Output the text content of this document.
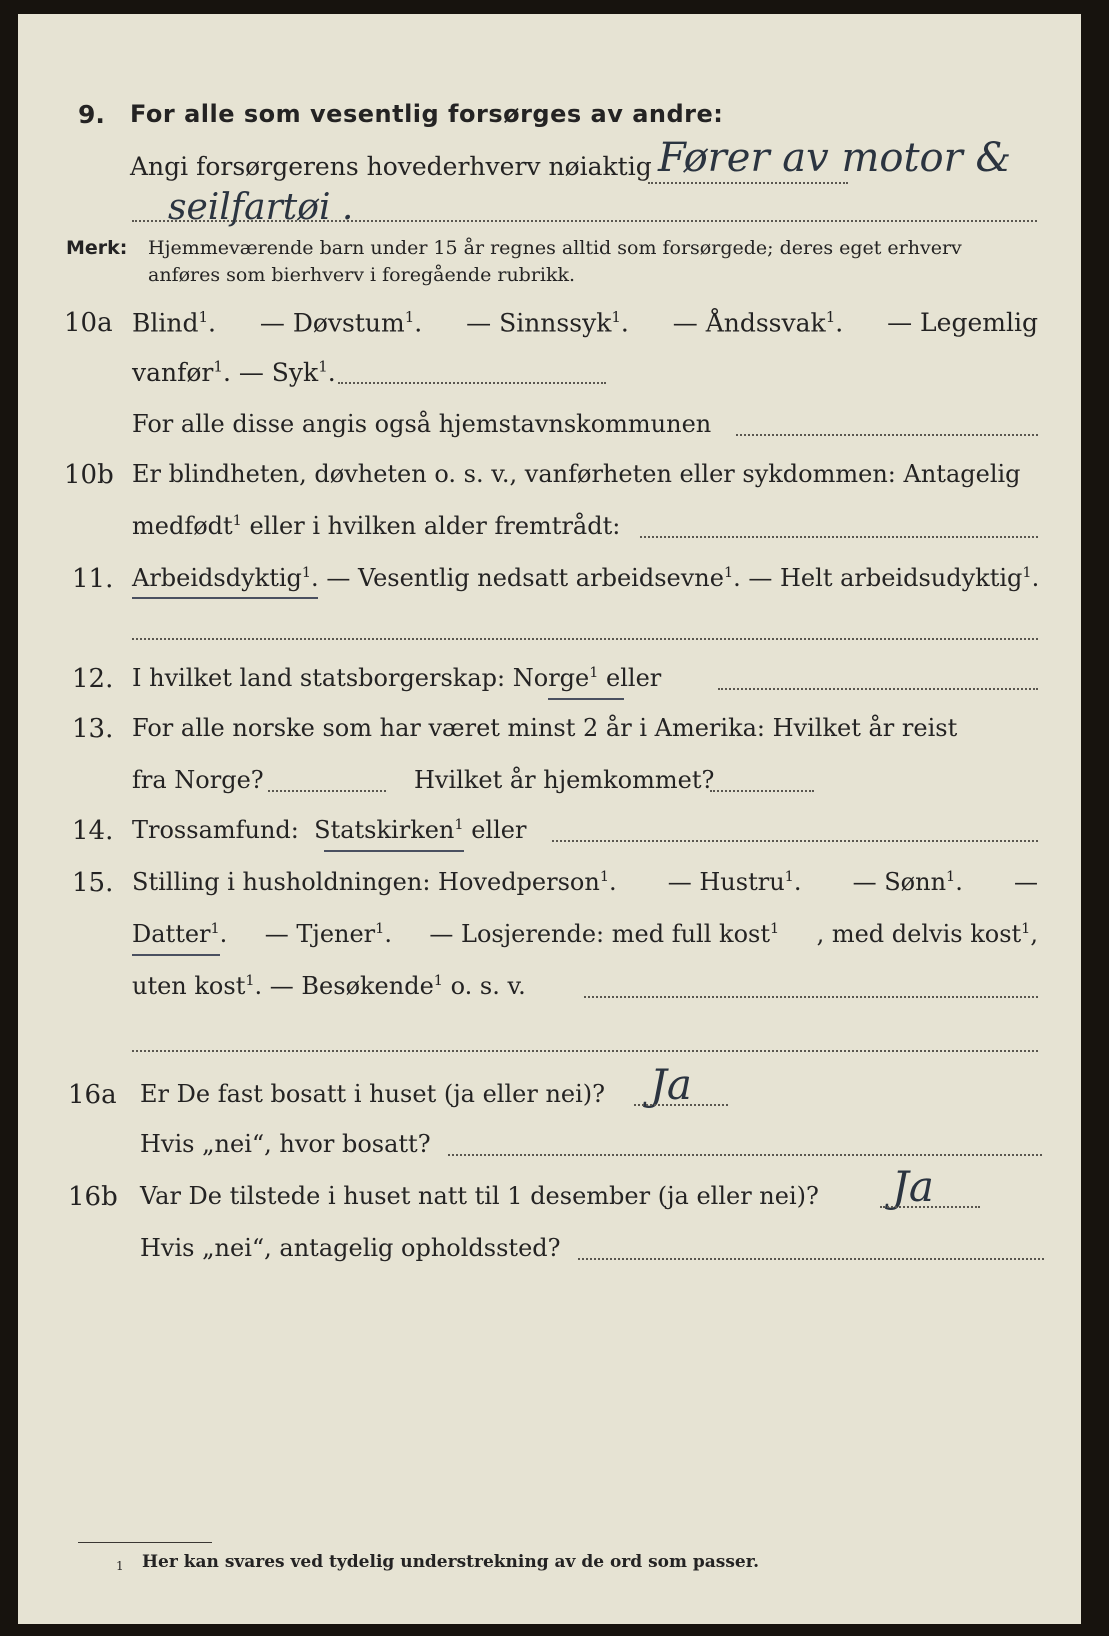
9. For alle som vesentlig forsørges av andre:
Angi forsørgerens hovederhverv nøiaktig Fører av motor &
seilfartøi .
Merk: Hjemmeværende barn under 15 år regnes alltid som forsørgede; deres eget erhverv
anføres som bierhverv i foregående rubrikk.
10a Blind$^1$. — Døvstum$^1$. — Sinnssyk$^1$. — Åndssvak$^1$. — Legemlig
vanfør$^1$. — Syk$^1$.
For alle disse angis også hjemstavnskommunen
10b Er blindheten, døvheten o. s. v., vanførheten eller sykdommen: Antagelig
medfødt$^1$ eller i hvilken alder fremtrådt:
11. Arbeidsdyktig$^1$. — Vesentlig nedsatt arbeidsevne$^1$. — Helt arbeidsudyktig$^1$.
12. I hvilket land statsborgerskap: Norge$^1$ eller
13. For alle norske som har været minst 2 år i Amerika: Hvilket år reist
fra Norge?	Hvilket år hjemkommet?
14. Trossamfund: Statskirken$^1$ eller
15. Stilling i husholdningen: Hovedperson$^1$. — Hustru$^1$. — Sønn$^1$. —
Datter$^1$. — Tjener$^1$. — Losjerende: med full kost$^1$ , med delvis kost$^1$,
uten kost$^1$. — Besøkende$^1$ o. s. v.
16a Er De fast bosatt i huset (ja eller nei)? Ja
Hvis „nei“, hvor bosatt?
16b Var De tilstede i huset natt til 1 desember (ja eller nei)? Ja
Hvis „nei“, antagelig opholdssted?
1 Her kan svares ved tydelig understrekning av de ord som passer.
